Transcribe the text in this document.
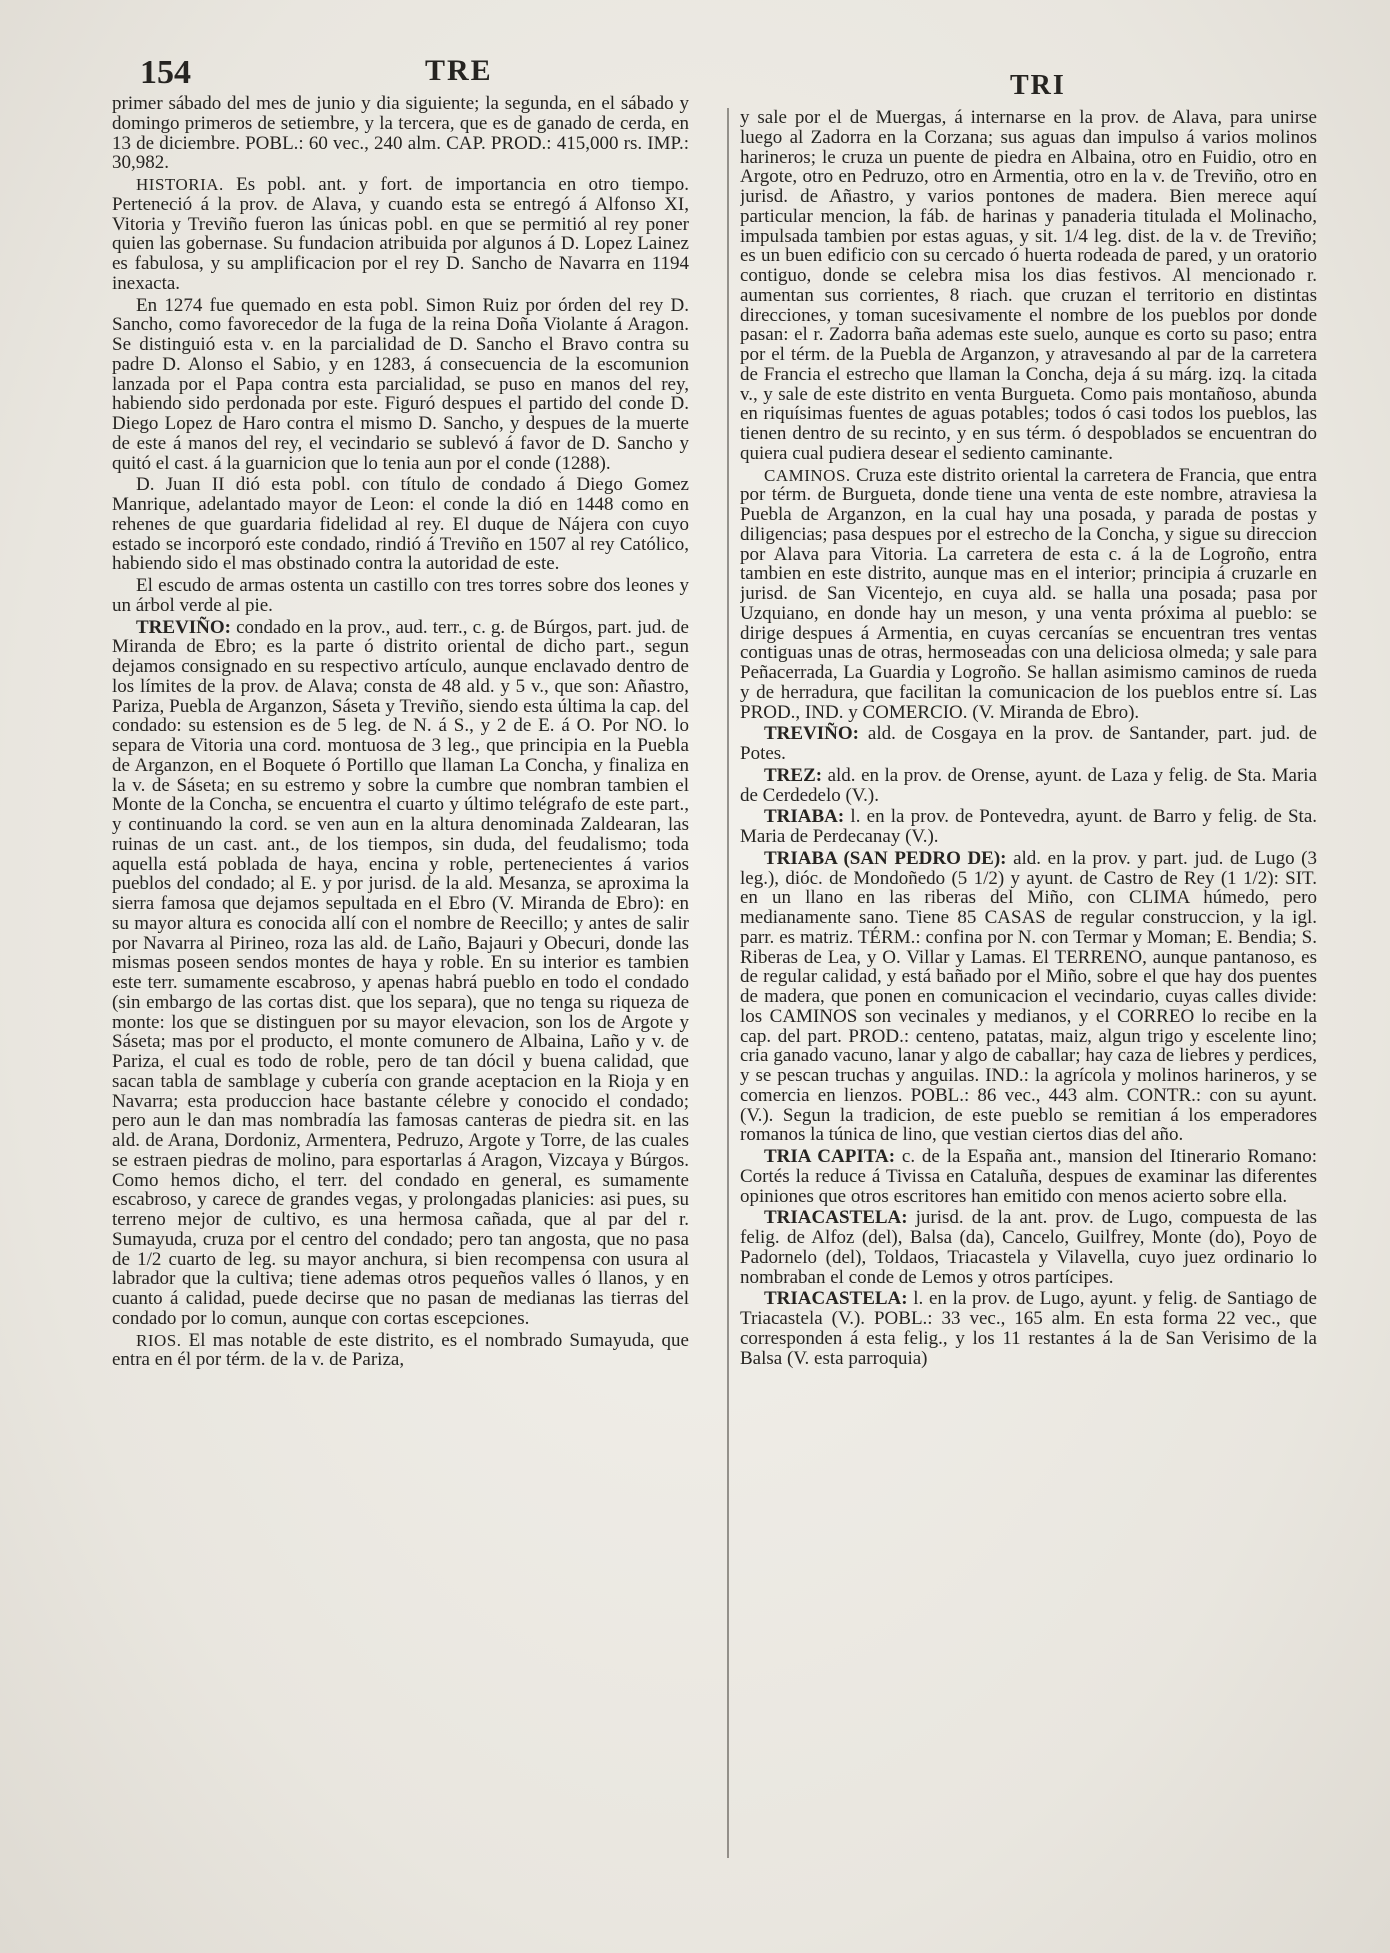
154	TRE	TRI

primer sábado del mes de junio y dia siguiente; la segunda, en el sábado y domingo primeros de setiembre, y la tercera, que es de ganado de cerda, en 13 de diciembre. POBL.: 60 vec., 240 alm. CAP. PROD.: 415,000 rs. IMP.: 30,982.

HISTORIA. Es pobl. ant. y fort. de importancia en otro tiempo. Perteneció á la prov. de Alava, y cuando esta se entregó á Alfonso XI, Vitoria y Treviño fueron las únicas pobl. en que se permitió al rey poner quien las gobernase. Su fundacion atribuida por algunos á D. Lopez Lainez es fabulosa, y su amplificacion por el rey D. Sancho de Navarra en 1194 inexacta.

En 1274 fue quemado en esta pobl. Simon Ruiz por órden del rey D. Sancho, como favorecedor de la fuga de la reina Doña Violante á Aragon. Se distinguió esta v. en la parcialidad de D. Sancho el Bravo contra su padre D. Alonso el Sabio, y en 1283, á consecuencia de la escomunion lanzada por el Papa contra esta parcialidad, se puso en manos del rey, habiendo sido perdonada por este. Figuró despues el partido del conde D. Diego Lopez de Haro contra el mismo D. Sancho, y despues de la muerte de este á manos del rey, el vecindario se sublevó á favor de D. Sancho y quitó el cast. á la guarnicion que lo tenia aun por el conde (1288).

D. Juan II dió esta pobl. con título de condado á Diego Gomez Manrique, adelantado mayor de Leon: el conde la dió en 1448 como en rehenes de que guardaria fidelidad al rey. El duque de Nájera con cuyo estado se incorporó este condado, rindió á Treviño en 1507 al rey Católico, habiendo sido el mas obstinado contra la autoridad de este.

El escudo de armas ostenta un castillo con tres torres sobre dos leones y un árbol verde al pie.

TREVIÑO: condado en la prov., aud. terr., c. g. de Búrgos, part. jud. de Miranda de Ebro; es la parte ó distrito oriental de dicho part., segun dejamos consignado en su respectivo artículo, aunque enclavado dentro de los límites de la prov. de Alava; consta de 48 ald. y 5 v., que son: Añastro, Pariza, Puebla de Arganzon, Sáseta y Treviño, siendo esta última la cap. del condado: su estension es de 5 leg. de N. á S., y 2 de E. á O. Por NO. lo separa de Vitoria una cord. montuosa de 3 leg., que principia en la Puebla de Arganzon, en el Boquete ó Portillo que llaman La Concha, y finaliza en la v. de Sáseta; en su estremo y sobre la cumbre que nombran tambien el Monte de la Concha, se encuentra el cuarto y último telégrafo de este part., y continuando la cord. se ven aun en la altura denominada Zaldearan, las ruinas de un cast. ant., de los tiempos, sin duda, del feudalismo; toda aquella está poblada de haya, encina y roble, pertenecientes á varios pueblos del condado; al E. y por jurisd. de la ald. Mesanza, se aproxima la sierra famosa que dejamos sepultada en el Ebro (V. Miranda de Ebro): en su mayor altura es conocida allí con el nombre de Reecillo; y antes de salir por Navarra al Pirineo, roza las ald. de Laño, Bajauri y Obecuri, donde las mismas poseen sendos montes de haya y roble. En su interior es tambien este terr. sumamente escabroso, y apenas habrá pueblo en todo el condado (sin embargo de las cortas dist. que los separa), que no tenga su riqueza de monte: los que se distinguen por su mayor elevacion, son los de Argote y Sáseta; mas por el producto, el monte comunero de Albaina, Laño y v. de Pariza, el cual es todo de roble, pero de tan dócil y buena calidad, que sacan tabla de samblage y cubería con grande aceptacion en la Rioja y en Navarra; esta produccion hace bastante célebre y conocido el condado; pero aun le dan mas nombradía las famosas canteras de piedra sit. en las ald. de Arana, Dordoniz, Armentera, Pedruzo, Argote y Torre, de las cuales se estraen piedras de molino, para esportarlas á Aragon, Vizcaya y Búrgos. Como hemos dicho, el terr. del condado en general, es sumamente escabroso, y carece de grandes vegas, y prolongadas planicies: asi pues, su terreno mejor de cultivo, es una hermosa cañada, que al par del r. Sumayuda, cruza por el centro del condado; pero tan angosta, que no pasa de 1/2 cuarto de leg. su mayor anchura, si bien recompensa con usura al labrador que la cultiva; tiene ademas otros pequeños valles ó llanos, y en cuanto á calidad, puede decirse que no pasan de medianas las tierras del condado por lo comun, aunque con cortas escepciones.

RIOS. El mas notable de este distrito, es el nombrado Sumayuda, que entra en él por térm. de la v. de Pariza,

y sale por el de Muergas, á internarse en la prov. de Alava, para unirse luego al Zadorra en la Corzana; sus aguas dan impulso á varios molinos harineros; le cruza un puente de piedra en Albaina, otro en Fuidio, otro en Argote, otro en Pedruzo, otro en Armentia, otro en la v. de Treviño, otro en jurisd. de Añastro, y varios pontones de madera. Bien merece aquí particular mencion, la fáb. de harinas y panaderia titulada el Molinacho, impulsada tambien por estas aguas, y sit. 1/4 leg. dist. de la v. de Treviño; es un buen edificio con su cercado ó huerta rodeada de pared, y un oratorio contiguo, donde se celebra misa los dias festivos. Al mencionado r. aumentan sus corrientes, 8 riach. que cruzan el territorio en distintas direcciones, y toman sucesivamente el nombre de los pueblos por donde pasan: el r. Zadorra baña ademas este suelo, aunque es corto su paso; entra por el térm. de la Puebla de Arganzon, y atravesando al par de la carretera de Francia el estrecho que llaman la Concha, deja á su márg. izq. la citada v., y sale de este distrito en venta Burgueta. Como pais montañoso, abunda en riquísimas fuentes de aguas potables; todos ó casi todos los pueblos, las tienen dentro de su recinto, y en sus térm. ó despoblados se encuentran do quiera cual pudiera desear el sediento caminante.

CAMINOS. Cruza este distrito oriental la carretera de Francia, que entra por térm. de Burgueta, donde tiene una venta de este nombre, atraviesa la Puebla de Arganzon, en la cual hay una posada, y parada de postas y diligencias; pasa despues por el estrecho de la Concha, y sigue su direccion por Alava para Vitoria. La carretera de esta c. á la de Logroño, entra tambien en este distrito, aunque mas en el interior; principia á cruzarle en jurisd. de San Vicentejo, en cuya ald. se halla una posada; pasa por Uzquiano, en donde hay un meson, y una venta próxima al pueblo: se dirige despues á Armentia, en cuyas cercanías se encuentran tres ventas contiguas unas de otras, hermoseadas con una deliciosa olmeda; y sale para Peñacerrada, La Guardia y Logroño. Se hallan asimismo caminos de rueda y de herradura, que facilitan la comunicacion de los pueblos entre sí. Las PROD., IND. y COMERCIO. (V. Miranda de Ebro).

TREVIÑO: ald. de Cosgaya en la prov. de Santander, part. jud. de Potes.

TREZ: ald. en la prov. de Orense, ayunt. de Laza y felig. de Sta. Maria de Cerdedelo (V.).

TRIABA: l. en la prov. de Pontevedra, ayunt. de Barro y felig. de Sta. Maria de Perdecanay (V.).

TRIABA (SAN PEDRO DE): ald. en la prov. y part. jud. de Lugo (3 leg.), dióc. de Mondoñedo (5 1/2) y ayunt. de Castro de Rey (1 1/2): SIT. en un llano en las riberas del Miño, con CLIMA húmedo, pero medianamente sano. Tiene 85 CASAS de regular construccion, y la igl. parr. es matriz. TÉRM.: confina por N. con Termar y Moman; E. Bendia; S. Riberas de Lea, y O. Villar y Lamas. El TERRENO, aunque pantanoso, es de regular calidad, y está bañado por el Miño, sobre el que hay dos puentes de madera, que ponen en comunicacion el vecindario, cuyas calles divide: los CAMINOS son vecinales y medianos, y el CORREO lo recibe en la cap. del part. PROD.: centeno, patatas, maiz, algun trigo y escelente lino; cria ganado vacuno, lanar y algo de caballar; hay caza de liebres y perdices, y se pescan truchas y anguilas. IND.: la agrícola y molinos harineros, y se comercia en lienzos. POBL.: 86 vec., 443 alm. CONTR.: con su ayunt. (V.). Segun la tradicion, de este pueblo se remitian á los emperadores romanos la túnica de lino, que vestian ciertos dias del año.

TRIA CAPITA: c. de la España ant., mansion del Itinerario Romano: Cortés la reduce á Tivissa en Cataluña, despues de examinar las diferentes opiniones que otros escritores han emitido con menos acierto sobre ella.

TRIACASTELA: jurisd. de la ant. prov. de Lugo, compuesta de las felig. de Alfoz (del), Balsa (da), Cancelo, Guilfrey, Monte (do), Poyo de Padornelo (del), Toldaos, Triacastela y Vilavella, cuyo juez ordinario lo nombraban el conde de Lemos y otros partícipes.

TRIACASTELA: l. en la prov. de Lugo, ayunt. y felig. de Santiago de Triacastela (V.). POBL.: 33 vec., 165 alm. En esta forma 22 vec., que corresponden á esta felig., y los 11 restantes á la de San Verisimo de la Balsa (V. esta parroquia)
